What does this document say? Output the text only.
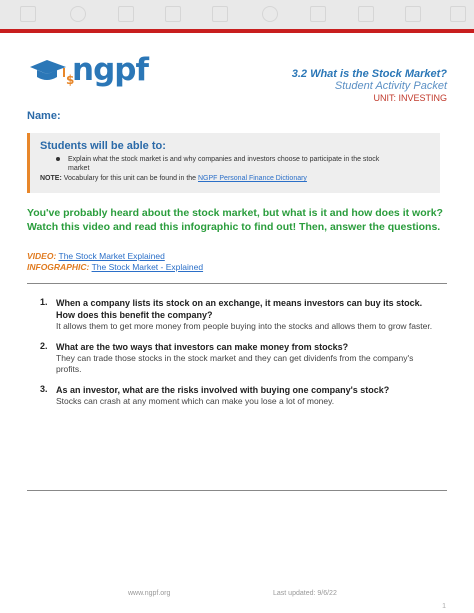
$
ngpf	3.2 What is the Stock Market?
Student Activity Packet
UNIT: INVESTING
Name:
Students will be able to:
Explain what the stock market is and why companies and investors choose to participate in the stock market
NOTE: Vocabulary for this unit can be found in the NGPF Personal Finance Dictionary
You've probably heard about the stock market, but what is it and how does it work? Watch this video and read this infographic to find out! Then, answer the questions.
VIDEO: The Stock Market Explained
INFOGRAPHIC: The Stock Market - Explained
1. When a company lists its stock on an exchange, it means investors can buy its stock. How does this benefit the company?
It allows them to get more money from people buying into the stocks and allows them to grow faster.
2. What are the two ways that investors can make money from stocks?
They can trade those stocks in the stock market and they can get dividenfs from the company's profits.
3. As an investor, what are the risks involved with buying one company's stock?
Stocks can crash at any moment which can make you lose a lot of money.
www.ngpf.org	Last updated: 9/6/22
1
